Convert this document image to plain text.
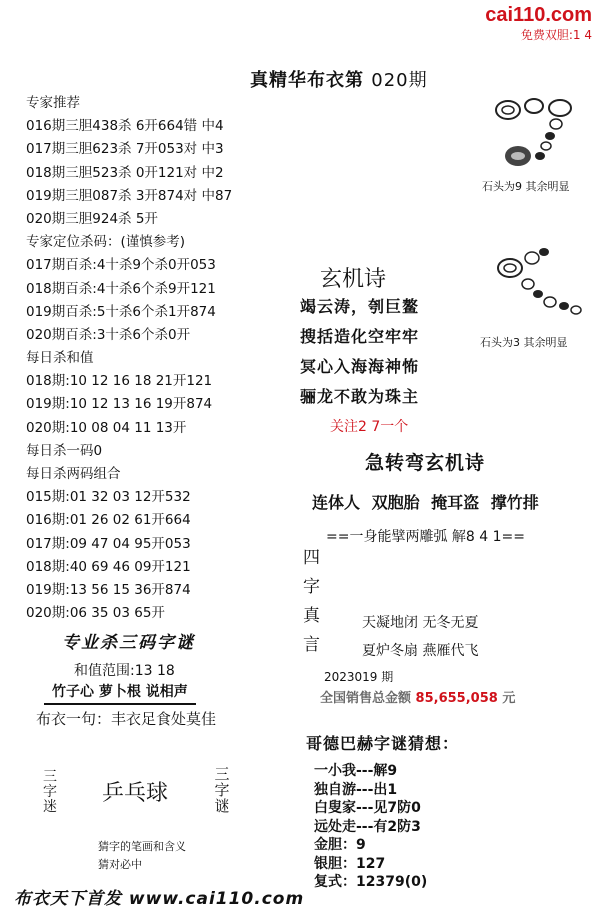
cai110.com
免费双胆:1 4
真精华布衣第 020期
专家推荐
016期三胆438杀 6开664错 中4
017期三胆623杀 7开053对 中3
018期三胆523杀 0开121对 中2
019期三胆087杀 3开874对 中87
020期三胆924杀 5开
专家定位杀码：(谨慎参考)
017期百杀:4十杀9个杀0开053
018期百杀:4十杀6个杀9开121
019期百杀:5十杀6个杀1开874
020期百杀:3十杀6个杀0开
每日杀和值
018期:10 12 16 18 21开121
019期:10 12 13 16 19开874
020期:10 08 04 11 13开
每日杀一码0
每日杀两码组合
015期:01 32 03 12开532
016期:01 26 02 61开664
017期:09 47 04 95开053
018期:40 69 46 09开121
019期:13 56 15 36开874
020期:06 35 03 65开
专业杀三码字谜
和值范围:13 18
竹子心 萝卜根 说相声
布衣一句：丰衣足食处莫佳
三
字
迷
乒乓球
三
字
谜
猜字的笔画和含义
猜对必中
布衣天下首发 www.cai110.com
石头为9 其余明显
石头为3 其余明显
玄机诗
竭云涛，刳巨鳌
搜括造化空牢牢
冥心入海海神怖
骊龙不敢为珠主
关注2 7一个
急转弯玄机诗
连体人 双胞胎 掩耳盗 撑竹排
==一身能擘两雕弧 解8 4 1==
四
字
真
言
天凝地闭 无冬无夏
夏炉冬扇 燕雁代飞
2023019 期
全国销售总金额 85,655,058 元
哥德巴赫字谜猜想：
一小我---解9
独自游---出1
白叟家---见7防0
远处走---有2防3
金胆：9
银胆：127
复式：12379(0)
